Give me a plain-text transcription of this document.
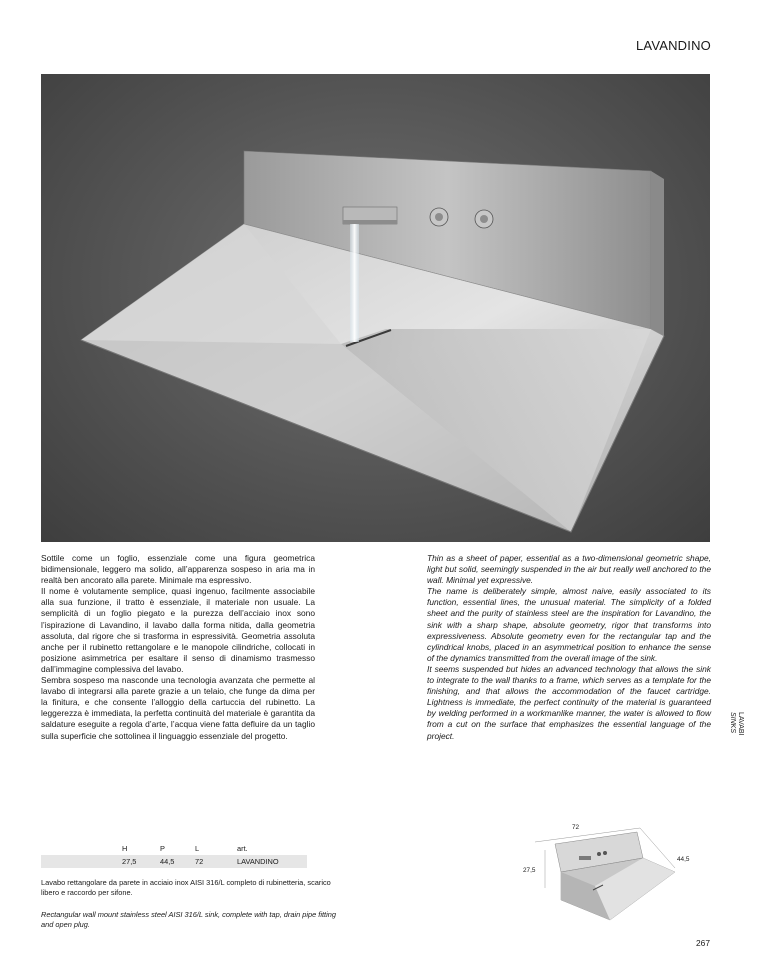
LAVANDINO

Sottile come un foglio, essenziale come una figura geometrica bidimensionale, leggero ma solido, all’apparenza sospeso in aria ma in realtà ben ancorato alla parete. Minimale ma espressivo.

Il nome è volutamente semplice, quasi ingenuo, facilmente associabile alla sua funzione, il tratto è essenziale, il materiale non usuale. La semplicità di un foglio piegato e la purezza dell’acciaio inox sono l’ispirazione di Lavandino, il lavabo dalla forma nitida, dalla geometria assoluta, dal rigore che si trasforma in espressività. Geometria assoluta anche per il rubinetto rettangolare e le manopole cilindriche, collocati in posizione asimmetrica per esaltare il senso di dinamismo trasmesso dall’immagine complessiva del lavabo.

Sembra sospeso ma nasconde una tecnologia avanzata che permette al lavabo di integrarsi alla parete grazie a un telaio, che funge da dima per la finitura, e che consente l’alloggio della cartuccia del rubinetto. La leggerezza è immediata, la perfetta continuità del materiale è garantita da saldature eseguite a regola d’arte, l’acqua viene fatta defluire da un taglio sulla superficie che sottolinea il linguaggio essenziale del progetto.

Thin as a sheet of paper, essential as a two-dimensional geometric shape, light but solid, seemingly suspended in the air but really well anchored to the wall. Minimal yet expressive.

The name is deliberately simple, almost naive, easily associated to its function, essential lines, the unusual material. The simplicity of a folded sheet and the purity of stainless steel are the inspiration for Lavandino, the sink with a sharp shape, absolute geometry, rigor that transforms into expressiveness. Absolute geometry even for the rectangular tap and the cylindrical knobs, placed in an asymmetrical position to enhance the sense of the dynamics transmitted from the overall image of the sink.

It seems suspended but hides an advanced technology that allows the sink to integrate to the wall thanks to a frame, which serves as a template for the finishing, and that allows the accommodation of the faucet cartridge. Lightness is immediate, the perfect continuity of the material is guaranteed by welding performed in a workmanlike manner, the water is allowed to flow from a cut on the surface that emphasizes the essential language of the project.

LAVABI
SINKS
H	P	L	art.
27,5	44,5	72	LAVANDINO
Lavabo rettangolare da parete in acciaio inox AISI 316/L completo di rubinetteria, scarico libero e raccordo per sifone.
Rectangular wall mount stainless steel AISI 316/L sink, complete with tap, drain pipe fitting and open plug.
72
44,5
27,5
267
